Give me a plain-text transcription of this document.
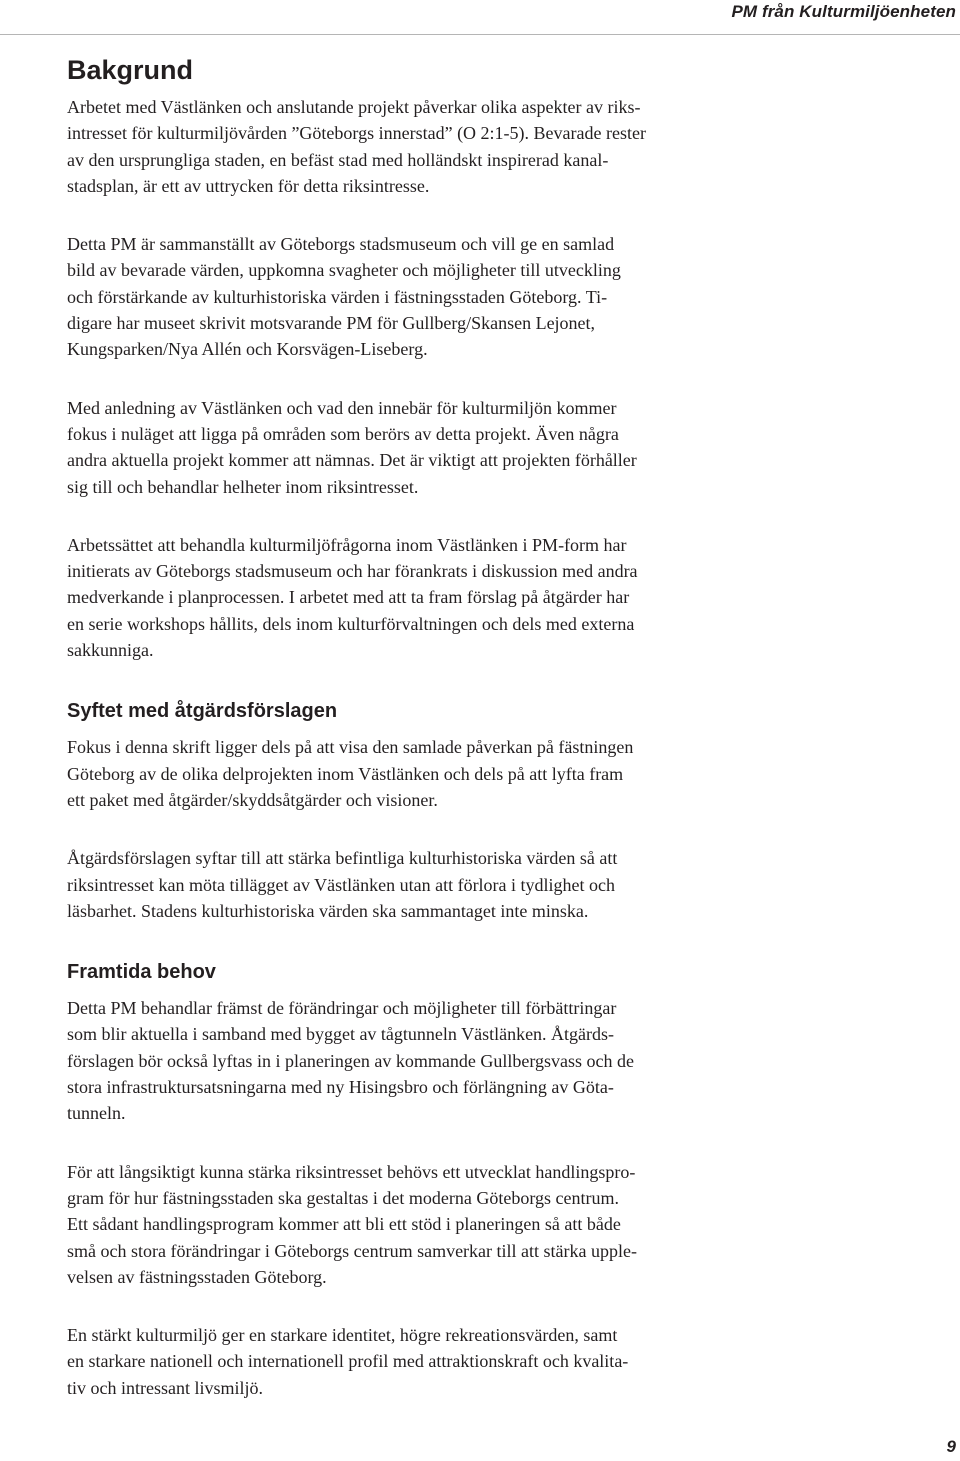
PM från Kulturmiljöenheten
Bakgrund

Arbetet med Västlänken och anslutande projekt påverkar olika aspekter av riks-
intresset för kulturmiljövården ”Göteborgs innerstad” (O 2:1-5). Bevarade rester
av den ursprungliga staden, en befäst stad med holländskt inspirerad kanal-
stadsplan, är ett av uttrycken för detta riksintresse.

Detta PM är sammanställt av Göteborgs stadsmuseum och vill ge en samlad
bild av bevarade värden, uppkomna svagheter och möjligheter till utveckling
och förstärkande av kulturhistoriska värden i fästningsstaden Göteborg. Ti-
digare har museet skrivit motsvarande PM för Gullberg/Skansen Lejonet,
Kungsparken/Nya Allén och Korsvägen-Liseberg.

Med anledning av Västlänken och vad den innebär för kulturmiljön kommer
fokus i nuläget att ligga på områden som berörs av detta projekt. Även några
andra aktuella projekt kommer att nämnas. Det är viktigt att projekten förhåller
sig till och behandlar helheter inom riksintresset.

Arbetssättet att behandla kulturmiljöfrågorna inom Västlänken i PM-form har
initierats av Göteborgs stadsmuseum och har förankrats i diskussion med andra
medverkande i planprocessen. I arbetet med att ta fram förslag på åtgärder har
en serie workshops hållits, dels inom kulturförvaltningen och dels med externa
sakkunniga.

Syftet med åtgärdsförslagen

Fokus i denna skrift ligger dels på att visa den samlade påverkan på fästningen
Göteborg av de olika delprojekten inom Västlänken och dels på att lyfta fram
ett paket med åtgärder/skyddsåtgärder och visioner.

Åtgärdsförslagen syftar till att stärka befintliga kulturhistoriska värden så att
riksintresset kan möta tillägget av Västlänken utan att förlora i tydlighet och
läsbarhet. Stadens kulturhistoriska värden ska sammantaget inte minska.

Framtida behov

Detta PM behandlar främst de förändringar och möjligheter till förbättringar
som blir aktuella i samband med bygget av tågtunneln Västlänken. Åtgärds-
förslagen bör också lyftas in i planeringen av kommande Gullbergsvass och de
stora infrastruktursatsningarna med ny Hisingsbro och förlängning av Göta-
tunneln.

För att långsiktigt kunna stärka riksintresset behövs ett utvecklat handlingspro-
gram för hur fästningsstaden ska gestaltas i det moderna Göteborgs centrum.
Ett sådant handlingsprogram kommer att bli ett stöd i planeringen så att både
små och stora förändringar i Göteborgs centrum samverkar till att stärka upple-
velsen av fästningsstaden Göteborg.

En stärkt kulturmiljö ger en starkare identitet, högre rekreationsvärden, samt
en starkare nationell och internationell profil med attraktionskraft och kvalita-
tiv och intressant livsmiljö.

9
